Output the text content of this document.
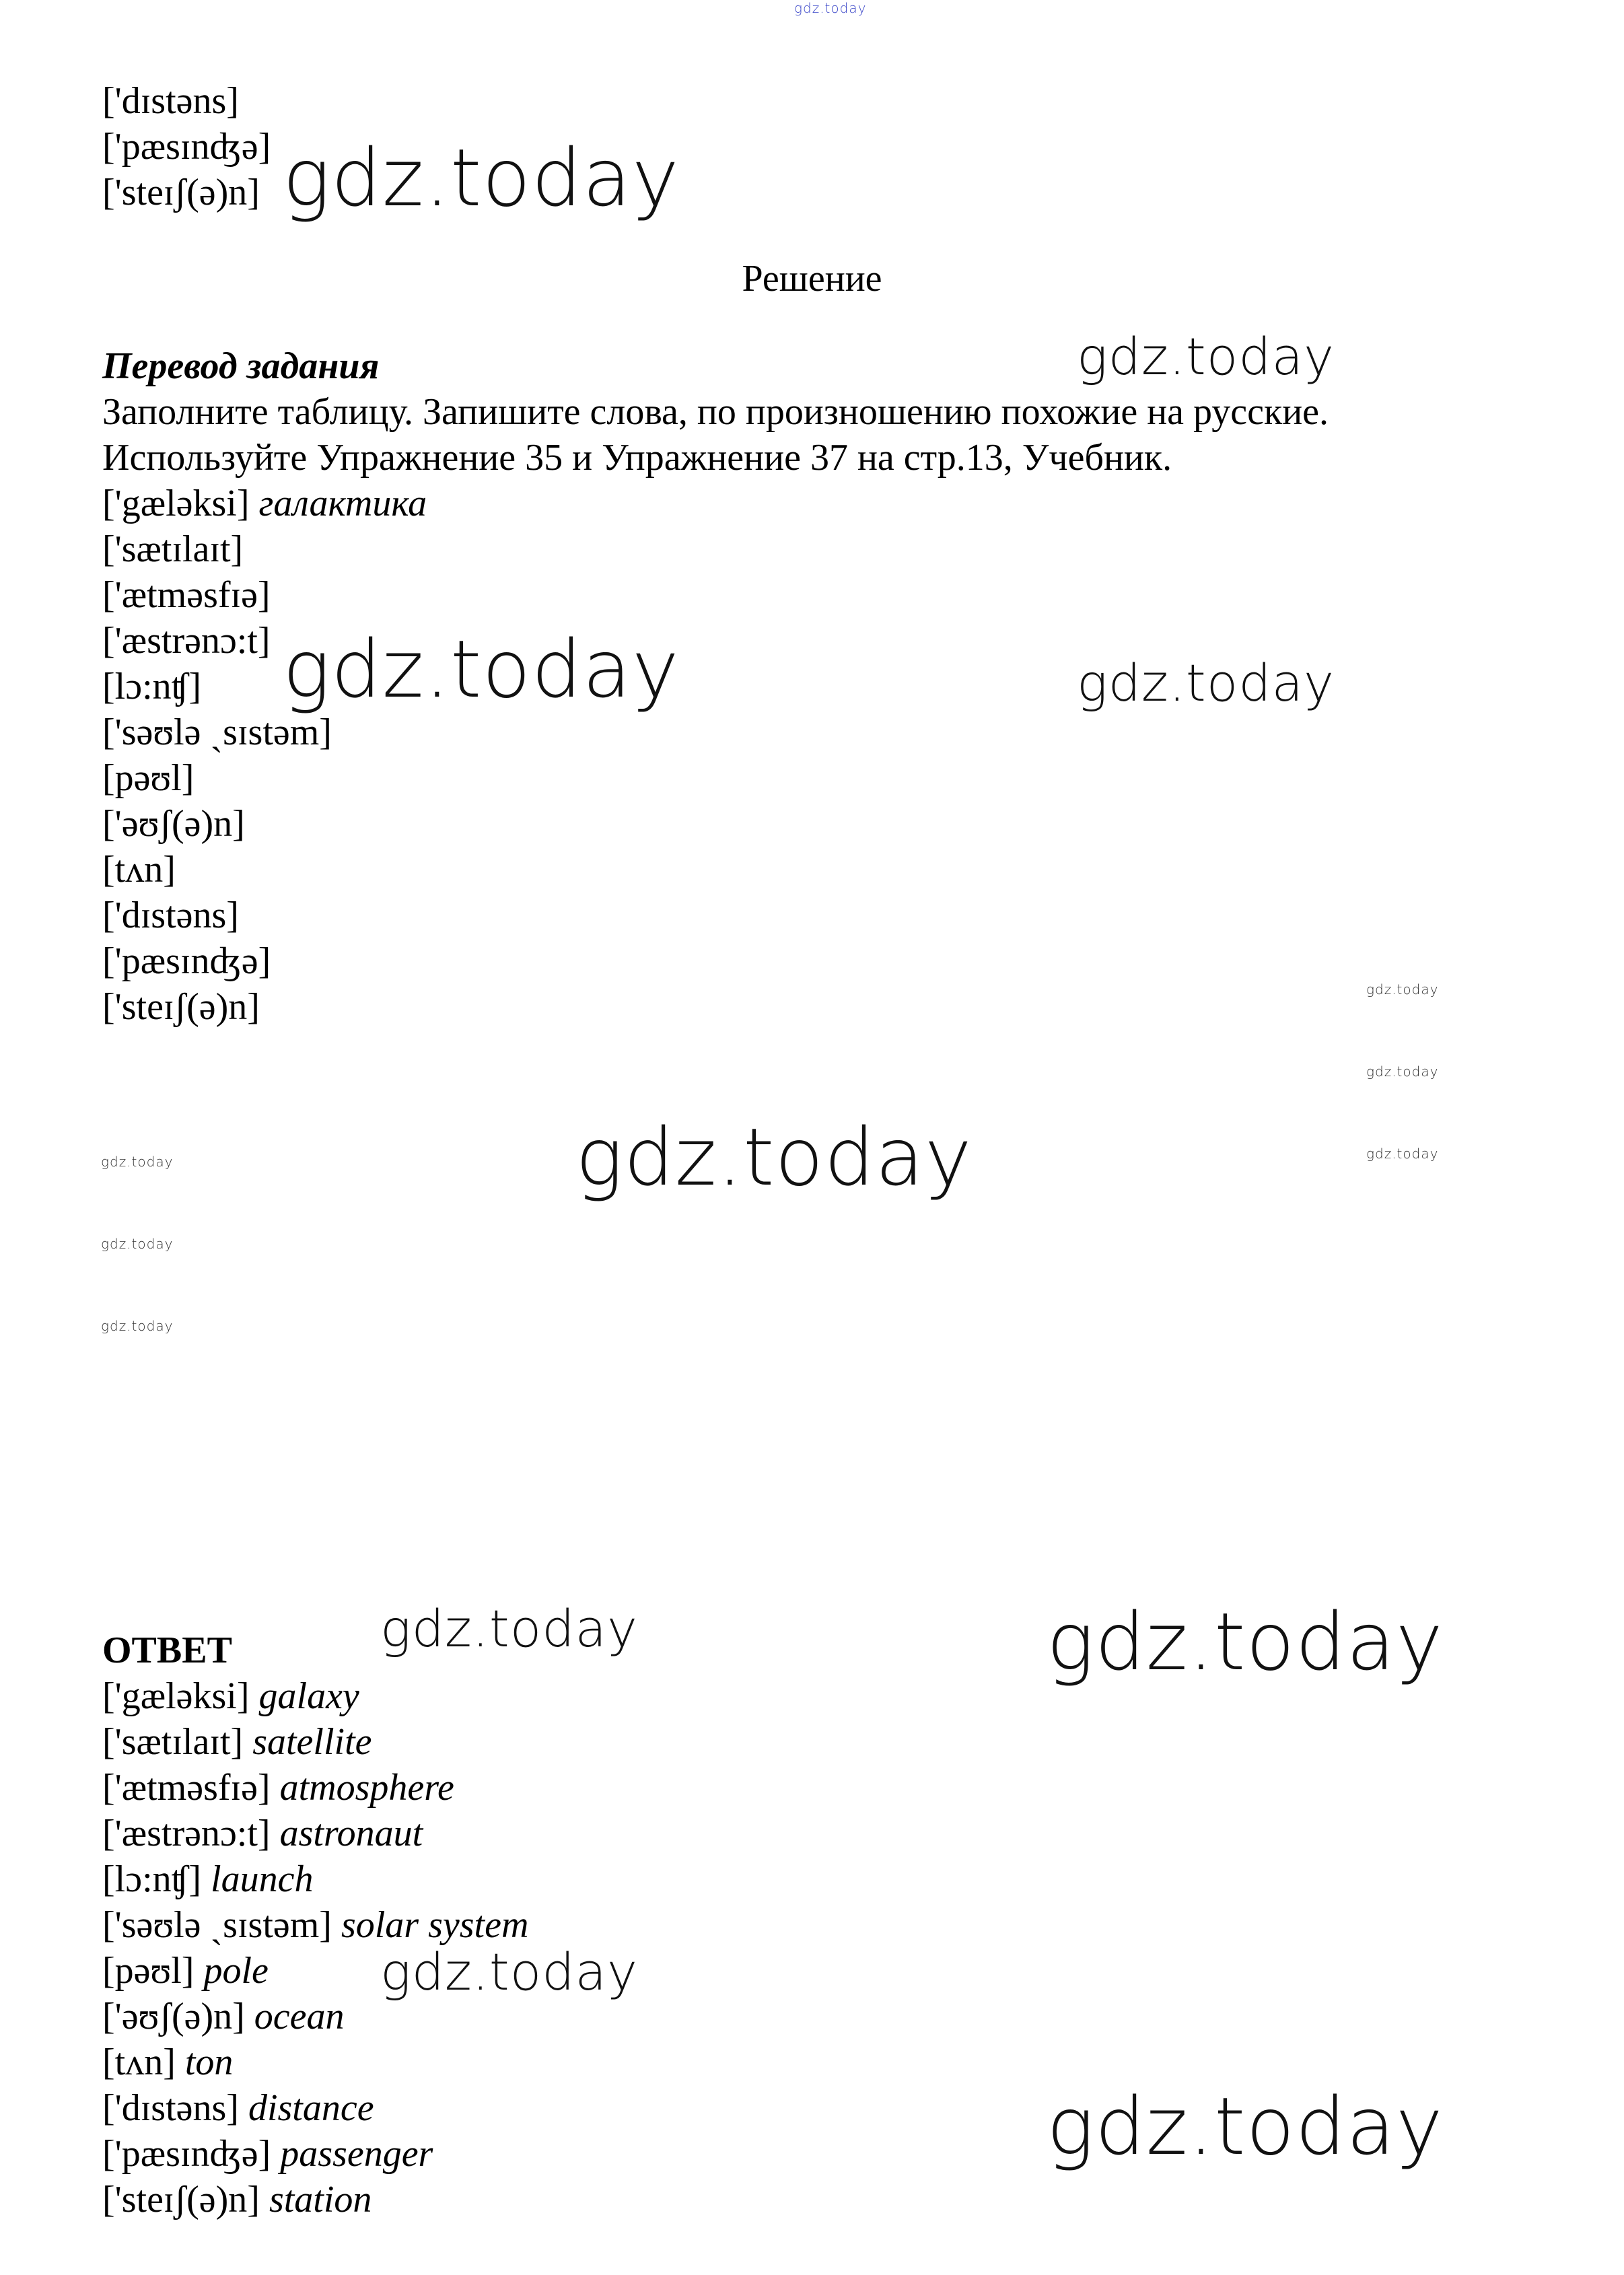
gdz.today
['dɪstəns]
['pæsɪnʤə]
['steɪʃ(ə)n]
Решение
Перевод задания
Заполните таблицу. Запишите слова, по произношению похожие на русские.
Используйте Упражнение 35 и Упражнение 37 на стр.13, Учебник.
['gæləksi] галактика
['sætɪlaɪt]
['ætməsfɪə]
['æstrənɔ:t]
[lɔ:nʧ]
['səʊlə ˏsɪstəm]
[pəʊl]
['əʊʃ(ə)n]
[tʌn]
['dɪstəns]
['pæsɪnʤə]
['steɪʃ(ə)n]
ОТВЕТ
['gæləksi] galaxy
['sætɪlaɪt] satellite
['ætməsfɪə] atmosphere
['æstrənɔ:t] astronaut
[lɔ:nʧ] launch
['səʊlə ˏsɪstəm] solar system
[pəʊl] pole
['əʊʃ(ə)n] ocean
[tʌn] ton
['dɪstəns] distance
['pæsɪnʤə] passenger
['steɪʃ(ə)n] station
gdz.today
gdz.today
gdz.today	gdz.today
gdz.today
gdz.today
gdz.today
gdz.today
gdz.today
gdz.today
gdz.today
gdz.today	gdz.today
gdz.today
gdz.today
